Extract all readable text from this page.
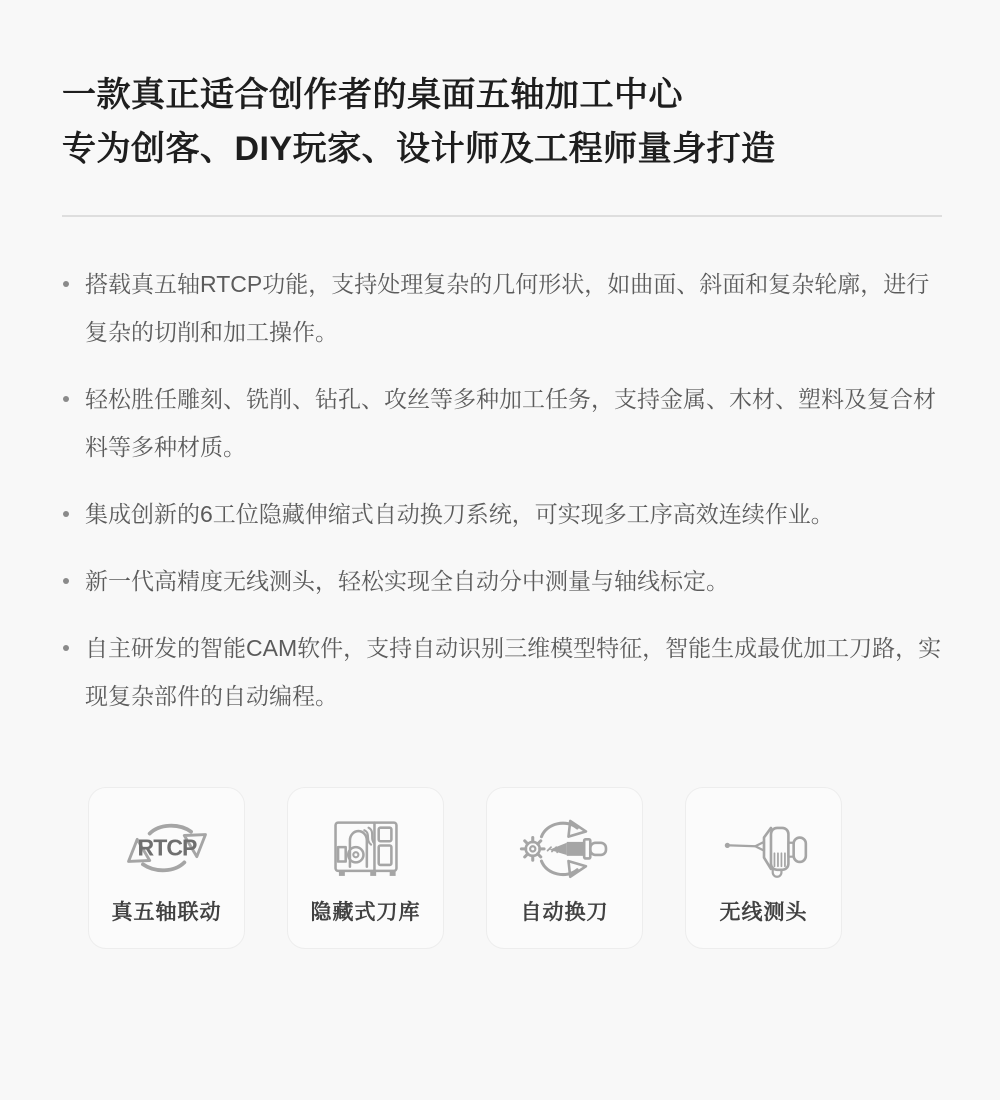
一款真正适合创作者的桌面五轴加工中心
专为创客、DIY玩家、设计师及工程师量身打造
搭载真五轴RTCP功能，支持处理复杂的几何形状，如曲面、斜面和复杂轮廓，进行复杂的切削和加工操作。
轻松胜任雕刻、铣削、钻孔、攻丝等多种加工任务，支持金属、木材、塑料及复合材料等多种材质。
集成创新的6工位隐藏伸缩式自动换刀系统，可实现多工序高效连续作业。
新一代高精度无线测头，轻松实现全自动分中测量与轴线标定。
自主研发的智能CAM软件，支持自动识别三维模型特征，智能生成最优加工刀路，实现复杂部件的自动编程。
RTCP
真五轴联动	隐藏式刀库	自动换刀	无线测头
